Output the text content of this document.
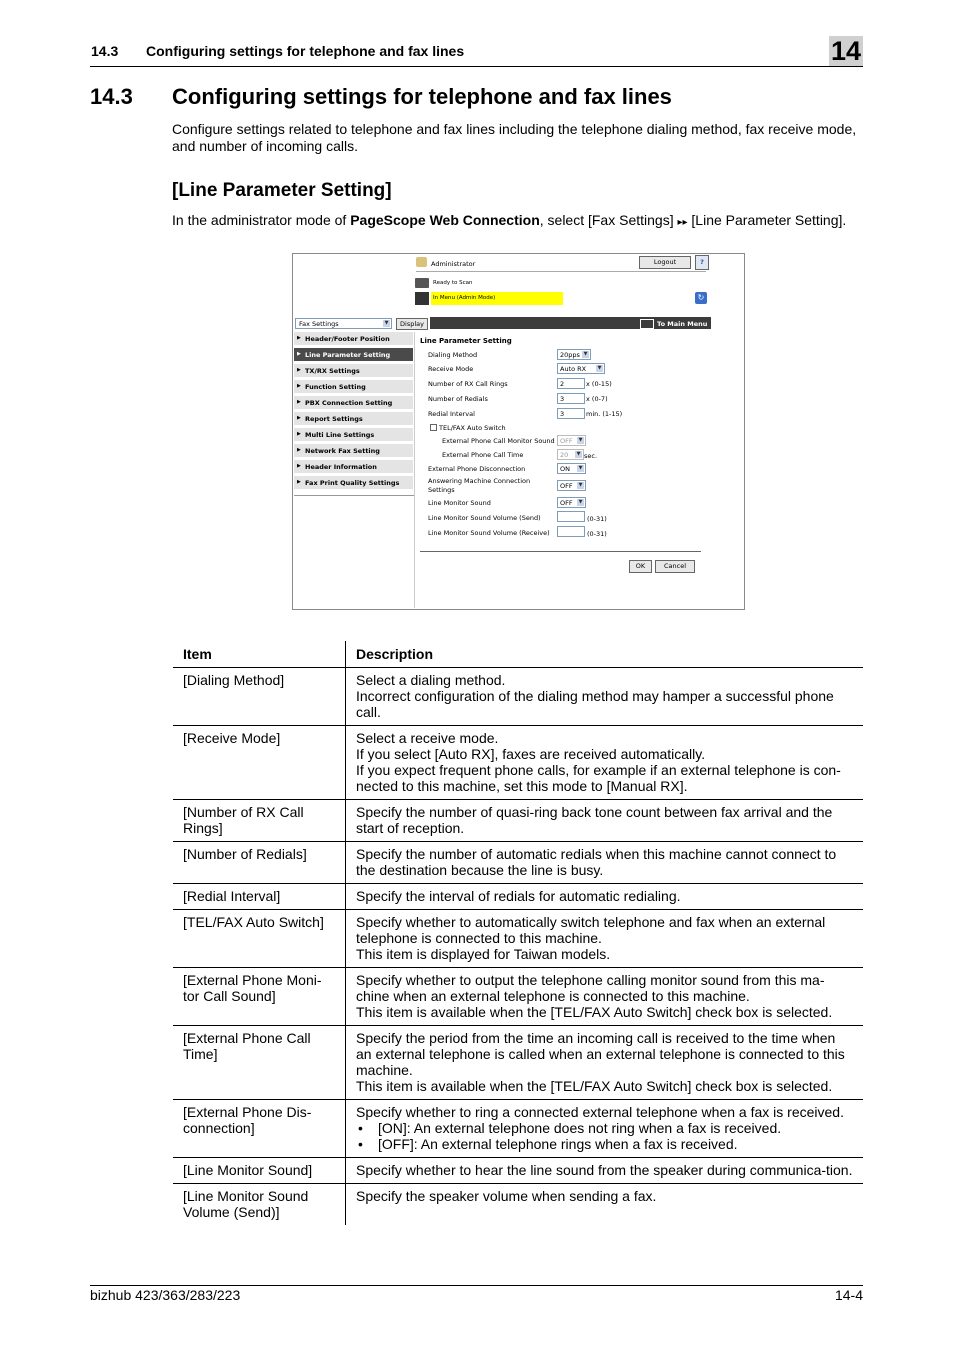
14.3 Configuring settings for telephone and fax lines	14
14.3 Configuring settings for telephone and fax lines
Configure settings related to telephone and fax lines including the telephone dialing method, fax receive mode, and number of incoming calls.
[Line Parameter Setting]
In the administrator mode of PageScope Web Connection, select [Fax Settings] ▸▸ [Line Parameter Setting].
Administrator	Logout	?
Ready to Scan
In Menu (Admin Mode)	↻
Fax Settings	▼	Display	To Main Menu
▶ Header/Footer Position
▶ Line Parameter Setting
▶ TX/RX Settings
▶ Function Setting
▶ PBX Connection Setting
▶ Report Settings
▶ Multi Line Settings
▶ Network Fax Setting
▶ Header Information
▶ Fax Print Quality Settings
Line Parameter Setting
Dialing Method	20pps ▼
Receive Mode	Auto RX	▼
Number of RX Call Rings	2	x (0-15)
Number of Redials	3	x (0-7)
Redial Interval	3	min. (1-15)
TEL/FAX Auto Switch
External Phone Call Monitor Sound OFF	▼
External Phone Call Time	20	▼ sec.
External Phone Disconnection	ON	▼
Answering Machine Connection
Settings	OFF	▼
Line Monitor Sound	OFF	▼
Line Monitor Sound Volume (Send)	(0-31)
Line Monitor Sound Volume (Receive)	(0-31)
OK	Cancel
Item	Description
[Dialing Method]	Select a dialing method.
Incorrect configuration of the dialing method may hamper a successful phone call.

[Receive Mode]	Select a receive mode.
If you select [Auto RX], faxes are received automatically.
If you expect frequent phone calls, for example if an external telephone is con-nected to this machine, set this mode to [Manual RX].

[Number of RX Call Rings]	Specify the number of quasi-ring back tone count between fax arrival and the start of reception.

[Number of Redials]	Specify the number of automatic redials when this machine cannot connect to the destination because the line is busy.

[Redial Interval]	Specify the interval of redials for automatic redialing.

[TEL/FAX Auto Switch]	Specify whether to automatically switch telephone and fax when an external telephone is connected to this machine.
This item is displayed for Taiwan models.

[External Phone Moni-tor Call Sound]	Specify whether to output the telephone calling monitor sound from this ma-chine when an external telephone is connected to this machine.
This item is available when the [TEL/FAX Auto Switch] check box is selected.

[External Phone Call Time]	Specify the period from the time an incoming call is received to the time when an external telephone is called when an external telephone is connected to this machine.
This item is available when the [TEL/FAX Auto Switch] check box is selected.

[External Phone Dis-connection]	Specify whether to ring a connected external telephone when a fax is received.
• [ON]: An external telephone does not ring when a fax is received.
• [OFF]: An external telephone rings when a fax is received.

[Line Monitor Sound]	Specify whether to hear the line sound from the speaker during communica-tion.

[Line Monitor Sound Volume (Send)]	Specify the speaker volume when sending a fax.
bizhub 423/363/283/223	14-4
